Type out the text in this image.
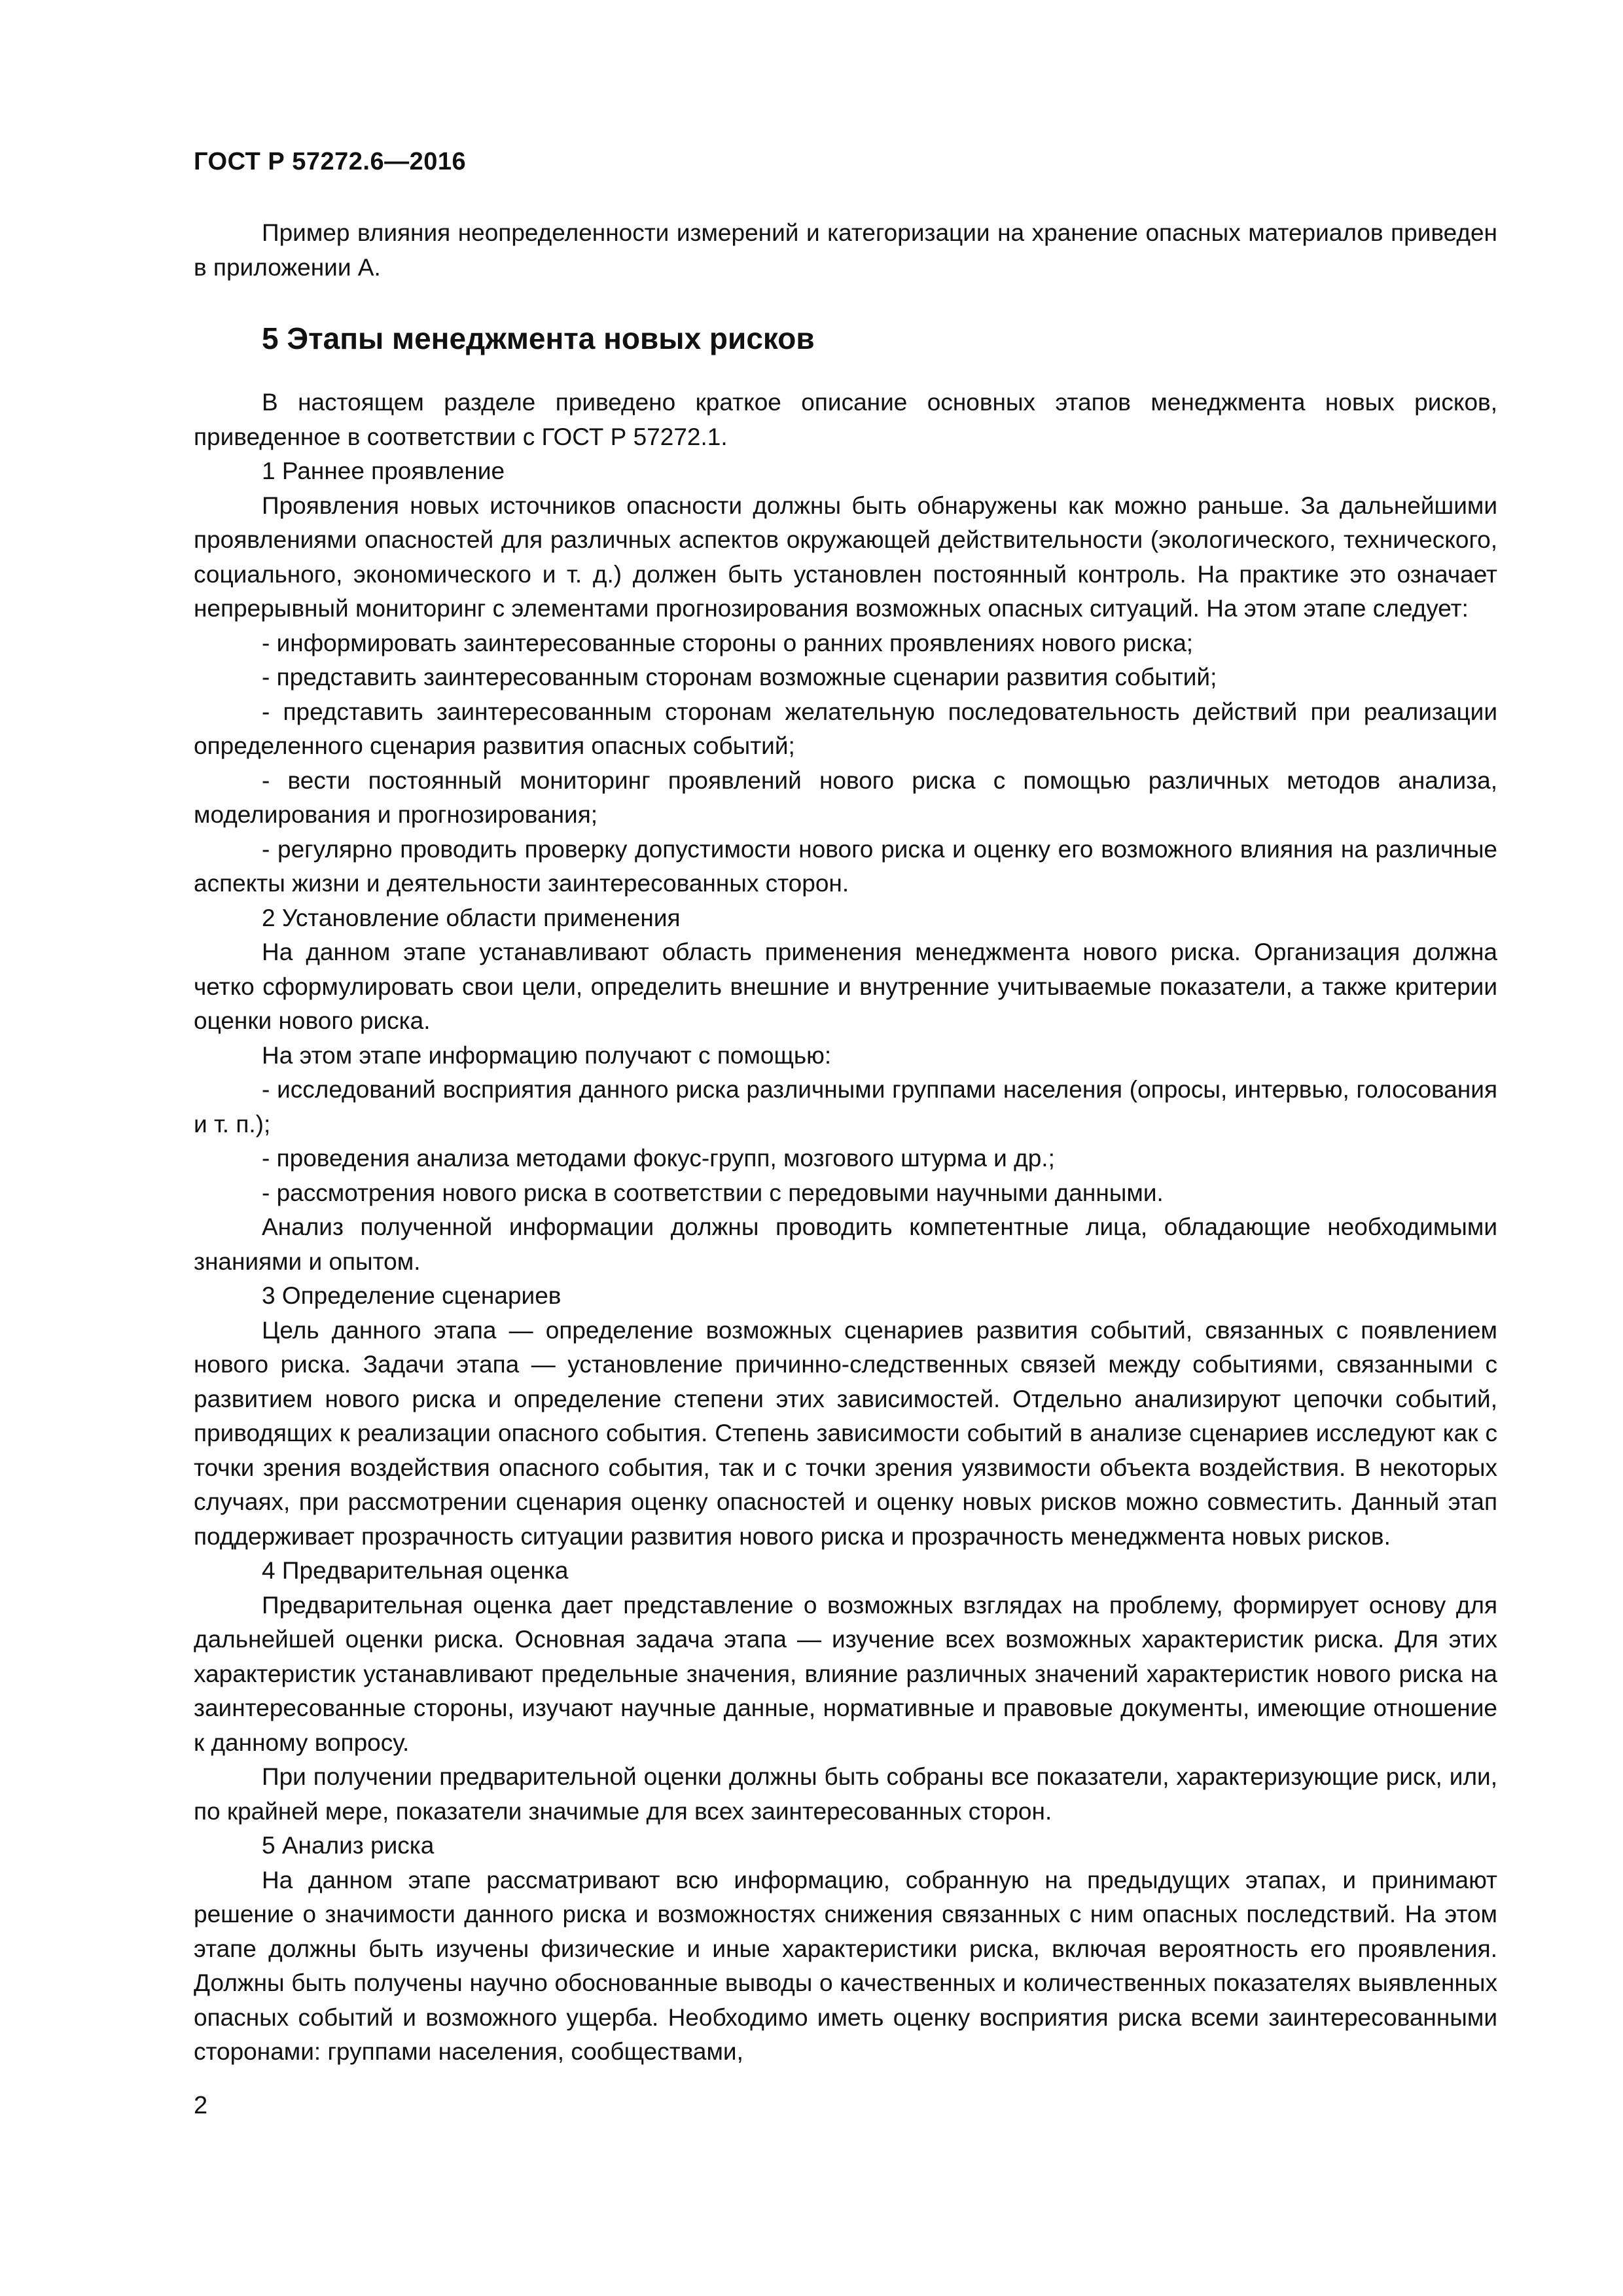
ГОСТ Р 57272.6—2016

Пример влияния неопределенности измерений и категоризации на хранение опасных материалов приведен в приложении А.

5 Этапы менеджмента новых рисков

В настоящем разделе приведено краткое описание основных этапов менеджмента новых рисков, приведенное в соответствии с ГОСТ Р 57272.1.

1 Раннее проявление

Проявления новых источников опасности должны быть обнаружены как можно раньше. За дальнейшими проявлениями опасностей для различных аспектов окружающей действительности (экологического, технического, социального, экономического и т. д.) должен быть установлен постоянный контроль. На практике это означает непрерывный мониторинг с элементами прогнозирования возможных опасных ситуаций. На этом этапе следует:

- информировать заинтересованные стороны о ранних проявлениях нового риска;

- представить заинтересованным сторонам возможные сценарии развития событий;

- представить заинтересованным сторонам желательную последовательность действий при реализации определенного сценария развития опасных событий;

- вести постоянный мониторинг проявлений нового риска с помощью различных методов анализа, моделирования и прогнозирования;

- регулярно проводить проверку допустимости нового риска и оценку его возможного влияния на различные аспекты жизни и деятельности заинтересованных сторон.

2 Установление области применения

На данном этапе устанавливают область применения менеджмента нового риска. Организация должна четко сформулировать свои цели, определить внешние и внутренние учитываемые показатели, а также критерии оценки нового риска.

На этом этапе информацию получают с помощью:

- исследований восприятия данного риска различными группами населения (опросы, интервью, голосования и т. п.);

- проведения анализа методами фокус-групп, мозгового штурма и др.;

- рассмотрения нового риска в соответствии с передовыми научными данными.

Анализ полученной информации должны проводить компетентные лица, обладающие необходимыми знаниями и опытом.

3 Определение сценариев

Цель данного этапа — определение возможных сценариев развития событий, связанных с появлением нового риска. Задачи этапа — установление причинно-следственных связей между событиями, связанными с развитием нового риска и определение степени этих зависимостей. Отдельно анализируют цепочки событий, приводящих к реализации опасного события. Степень зависимости событий в анализе сценариев исследуют как с точки зрения воздействия опасного события, так и с точки зрения уязвимости объекта воздействия. В некоторых случаях, при рассмотрении сценария оценку опасностей и оценку новых рисков можно совместить. Данный этап поддерживает прозрачность ситуации развития нового риска и прозрачность менеджмента новых рисков.

4 Предварительная оценка

Предварительная оценка дает представление о возможных взглядах на проблему, формирует основу для дальнейшей оценки риска. Основная задача этапа — изучение всех возможных характеристик риска. Для этих характеристик устанавливают предельные значения, влияние различных значений характеристик нового риска на заинтересованные стороны, изучают научные данные, нормативные и правовые документы, имеющие отношение к данному вопросу.

При получении предварительной оценки должны быть собраны все показатели, характеризующие риск, или, по крайней мере, показатели значимые для всех заинтересованных сторон.

5 Анализ риска

На данном этапе рассматривают всю информацию, собранную на предыдущих этапах, и принимают решение о значимости данного риска и возможностях снижения связанных с ним опасных последствий. На этом этапе должны быть изучены физические и иные характеристики риска, включая вероятность его проявления. Должны быть получены научно обоснованные выводы о качественных и количественных показателях выявленных опасных событий и возможного ущерба. Необходимо иметь оценку восприятия риска всеми заинтересованными сторонами: группами населения, сообществами,

2
